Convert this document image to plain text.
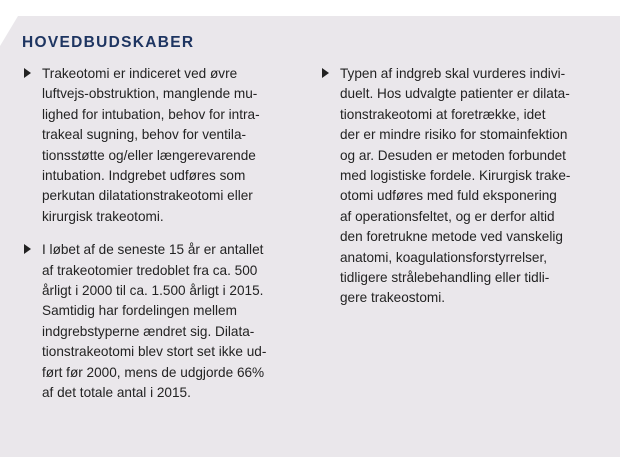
HOVEDBUDSKABER
Trakeotomi er indiceret ved øvre
luftvejs-obstruktion, manglende mu-
lighed for intubation, behov for intra-
trakeal sugning, behov for ventila-
tionsstøtte og/eller længerevarende
intubation. Indgrebet udføres som
perkutan dilatationstrakeotomi eller
kirurgisk trakeotomi.
I løbet af de seneste 15 år er antallet
af trakeotomier tredoblet fra ca. 500
årligt i 2000 til ca. 1.500 årligt i 2015.
Samtidig har fordelingen mellem
indgrebstyperne ændret sig. Dilata-
tionstrakeotomi blev stort set ikke ud-
ført før 2000, mens de udgjorde 66%
af det totale antal i 2015.
Typen af indgreb skal vurderes indivi-
duelt. Hos udvalgte patienter er dilata-
tionstrakeotomi at foretrække, idet
der er mindre risiko for stomainfektion
og ar. Desuden er metoden forbundet
med logistiske fordele. Kirurgisk trake-
otomi udføres med fuld eksponering
af operationsfeltet, og er derfor altid
den foretrukne metode ved vanskelig
anatomi, koagulationsforstyrrelser,
tidligere strålebehandling eller tidli-
gere trakeostomi.
